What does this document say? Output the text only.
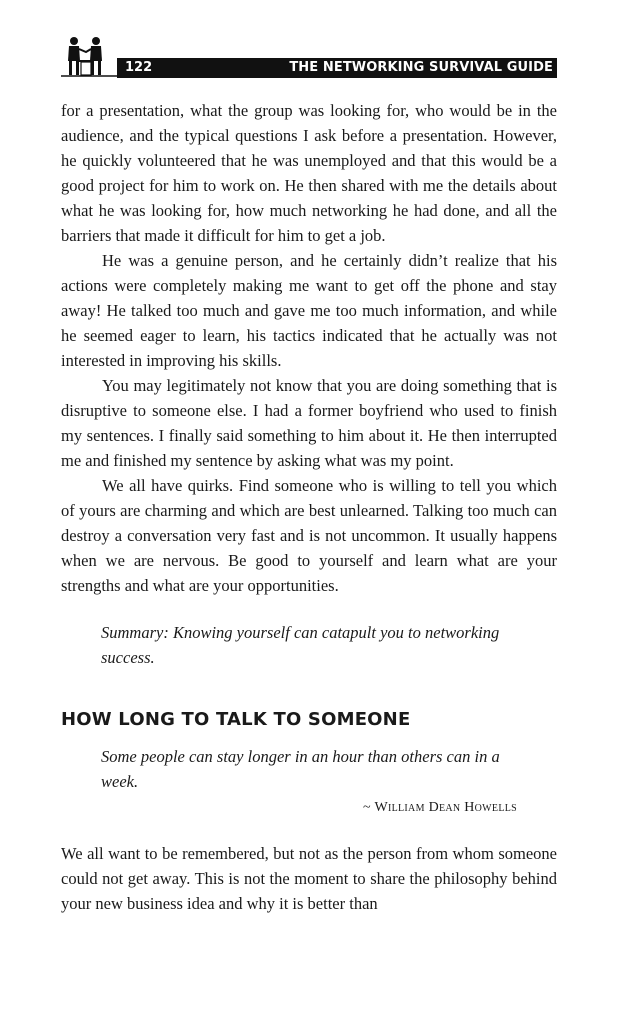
122	THE NETWORKING SURVIVAL GUIDE

for a presentation, what the group was looking for, who would be in the audience, and the typical questions I ask before a presentation. However, he quickly volunteered that he was unemployed and that this would be a good project for him to work on. He then shared with me the details about what he was looking for, how much networking he had done, and all the barriers that made it difficult for him to get a job.

He was a genuine person, and he certainly didn’t realize that his actions were completely making me want to get off the phone and stay away! He talked too much and gave me too much information, and while he seemed eager to learn, his tactics indicated that he actually was not interested in improving his skills.

You may legitimately not know that you are doing something that is disruptive to someone else. I had a former boyfriend who used to finish my sentences. I finally said something to him about it. He then interrupted me and finished my sentence by asking what was my point.

We all have quirks. Find someone who is willing to tell you which of yours are charming and which are best unlearned. Talking too much can destroy a conversation very fast and is not uncommon. It usually happens when we are nervous. Be good to yourself and learn what are your strengths and what are your opportunities.

Summary: Knowing yourself can catapult you to networking success.
HOW LONG TO TALK TO SOMEONE
Some people can stay longer in an hour than others can in a week.
~ William Dean Howells

We all want to be remembered, but not as the person from whom someone could not get away. This is not the moment to share the philosophy behind your new business idea and why it is better than
